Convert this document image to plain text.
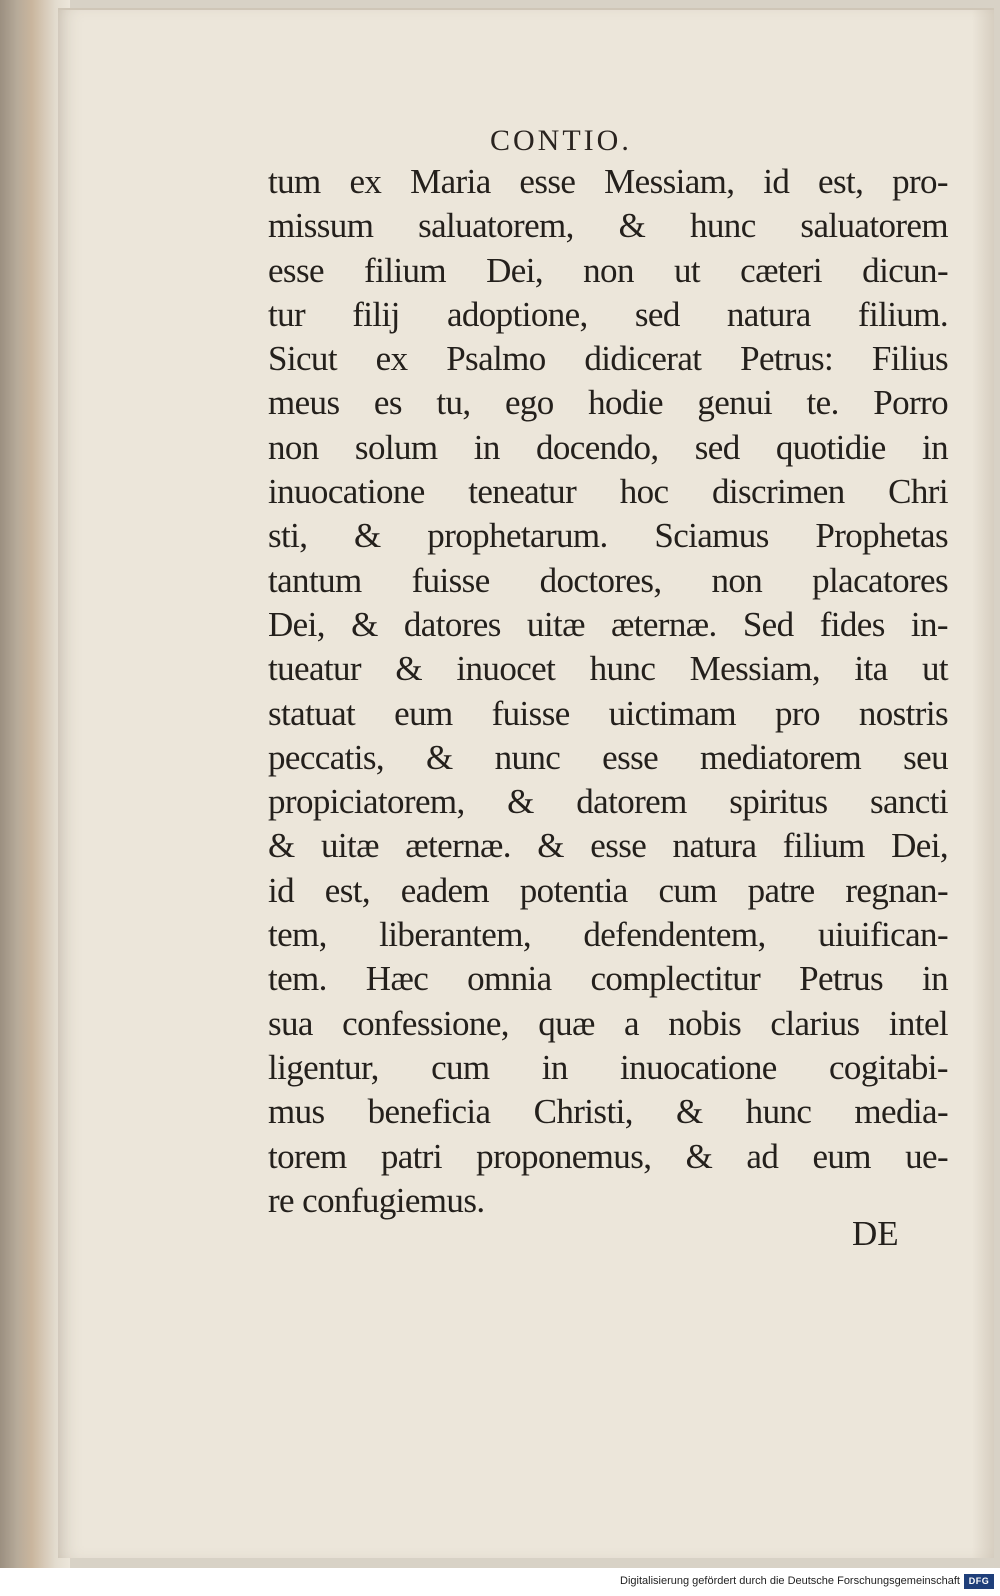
CONTIO.
tum ex Maria esse Messiam, id est, pro-
missum saluatorem, & hunc saluatorem
esse filium Dei, non ut cæteri dicun-
tur filij adoptione, sed natura filium.
Sicut ex Psalmo didicerat Petrus: Filius
meus es tu, ego hodie genui te. Porro
non solum in docendo, sed quotidie in
inuocatione teneatur hoc discrimen Chri
sti, & prophetarum. Sciamus Prophetas
tantum fuisse doctores, non placatores
Dei, & datores uitæ æternæ. Sed fides in-
tueatur & inuocet hunc Messiam, ita ut
statuat eum fuisse uictimam pro nostris
peccatis, & nunc esse mediatorem seu
propiciatorem, & datorem spiritus sancti
& uitæ æternæ. & esse natura filium Dei,
id est, eadem potentia cum patre regnan-
tem, liberantem, defendentem, uiuifican-
tem. Hæc omnia complectitur Petrus in
sua confessione, quæ a nobis clarius intel
ligentur, cum in inuocatione cogitabi-
mus beneficia Christi, & hunc media-
torem patri proponemus, & ad eum ue-
re confugiemus.
DE
Digitalisierung gefördert durch die Deutsche Forschungsgemeinschaft DFG
